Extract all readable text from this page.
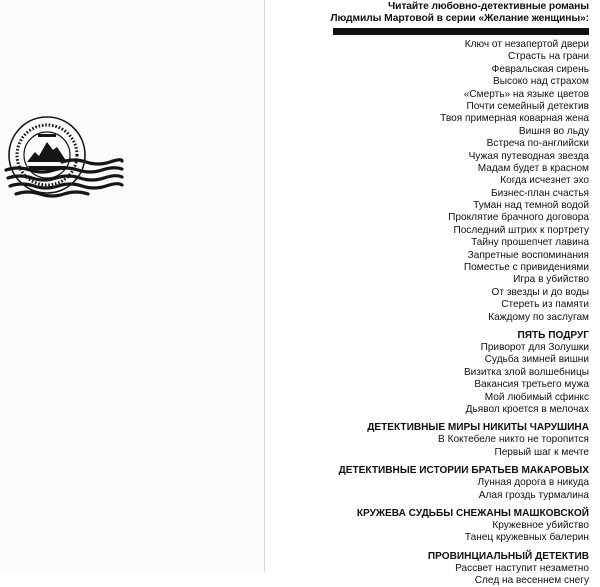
Читайте любовно-детективные романы
Людмилы Мартовой в серии «Желание женщины»:
Ключ от незапертой двери
Страсть на грани
Февральская сирень
Высоко над страхом
«Смерть» на языке цветов
Почти семейный детектив
Твоя примерная коварная жена
Вишня во льду
Встреча по-английски
Чужая путеводная звезда
Мадам будет в красном
Когда исчезнет эхо
Бизнес-план счастья
Туман над темной водой
Проклятие брачного договора
Последний штрих к портрету
Тайну прошепчет лавина
Запретные воспоминания
Поместье с привидениями
Игра в убийство
От звезды и до воды
Стереть из памяти
Каждому по заслугам
ПЯТЬ ПОДРУГ
Приворот для Золушки
Судьба зимней вишни
Визитка злой волшебницы
Вакансия третьего мужа
Мой любимый сфинкс
Дьявол кроется в мелочах
ДЕТЕКТИВНЫЕ МИРЫ НИКИТЫ ЧАРУШИНА
В Коктебеле никто не торопится
Первый шаг к мечте
ДЕТЕКТИВНЫЕ ИСТОРИИ БРАТЬЕВ МАКАРОВЫХ
Лунная дорога в никуда
Алая гроздь турмалина
КРУЖЕВА СУДЬБЫ СНЕЖАНЫ МАШКОВСКОЙ
Кружевное убийство
Танец кружевных балерин
ПРОВИНЦИАЛЬНЫЙ ДЕТЕКТИВ
Рассвет наступит незаметно
След на весеннем снегу
